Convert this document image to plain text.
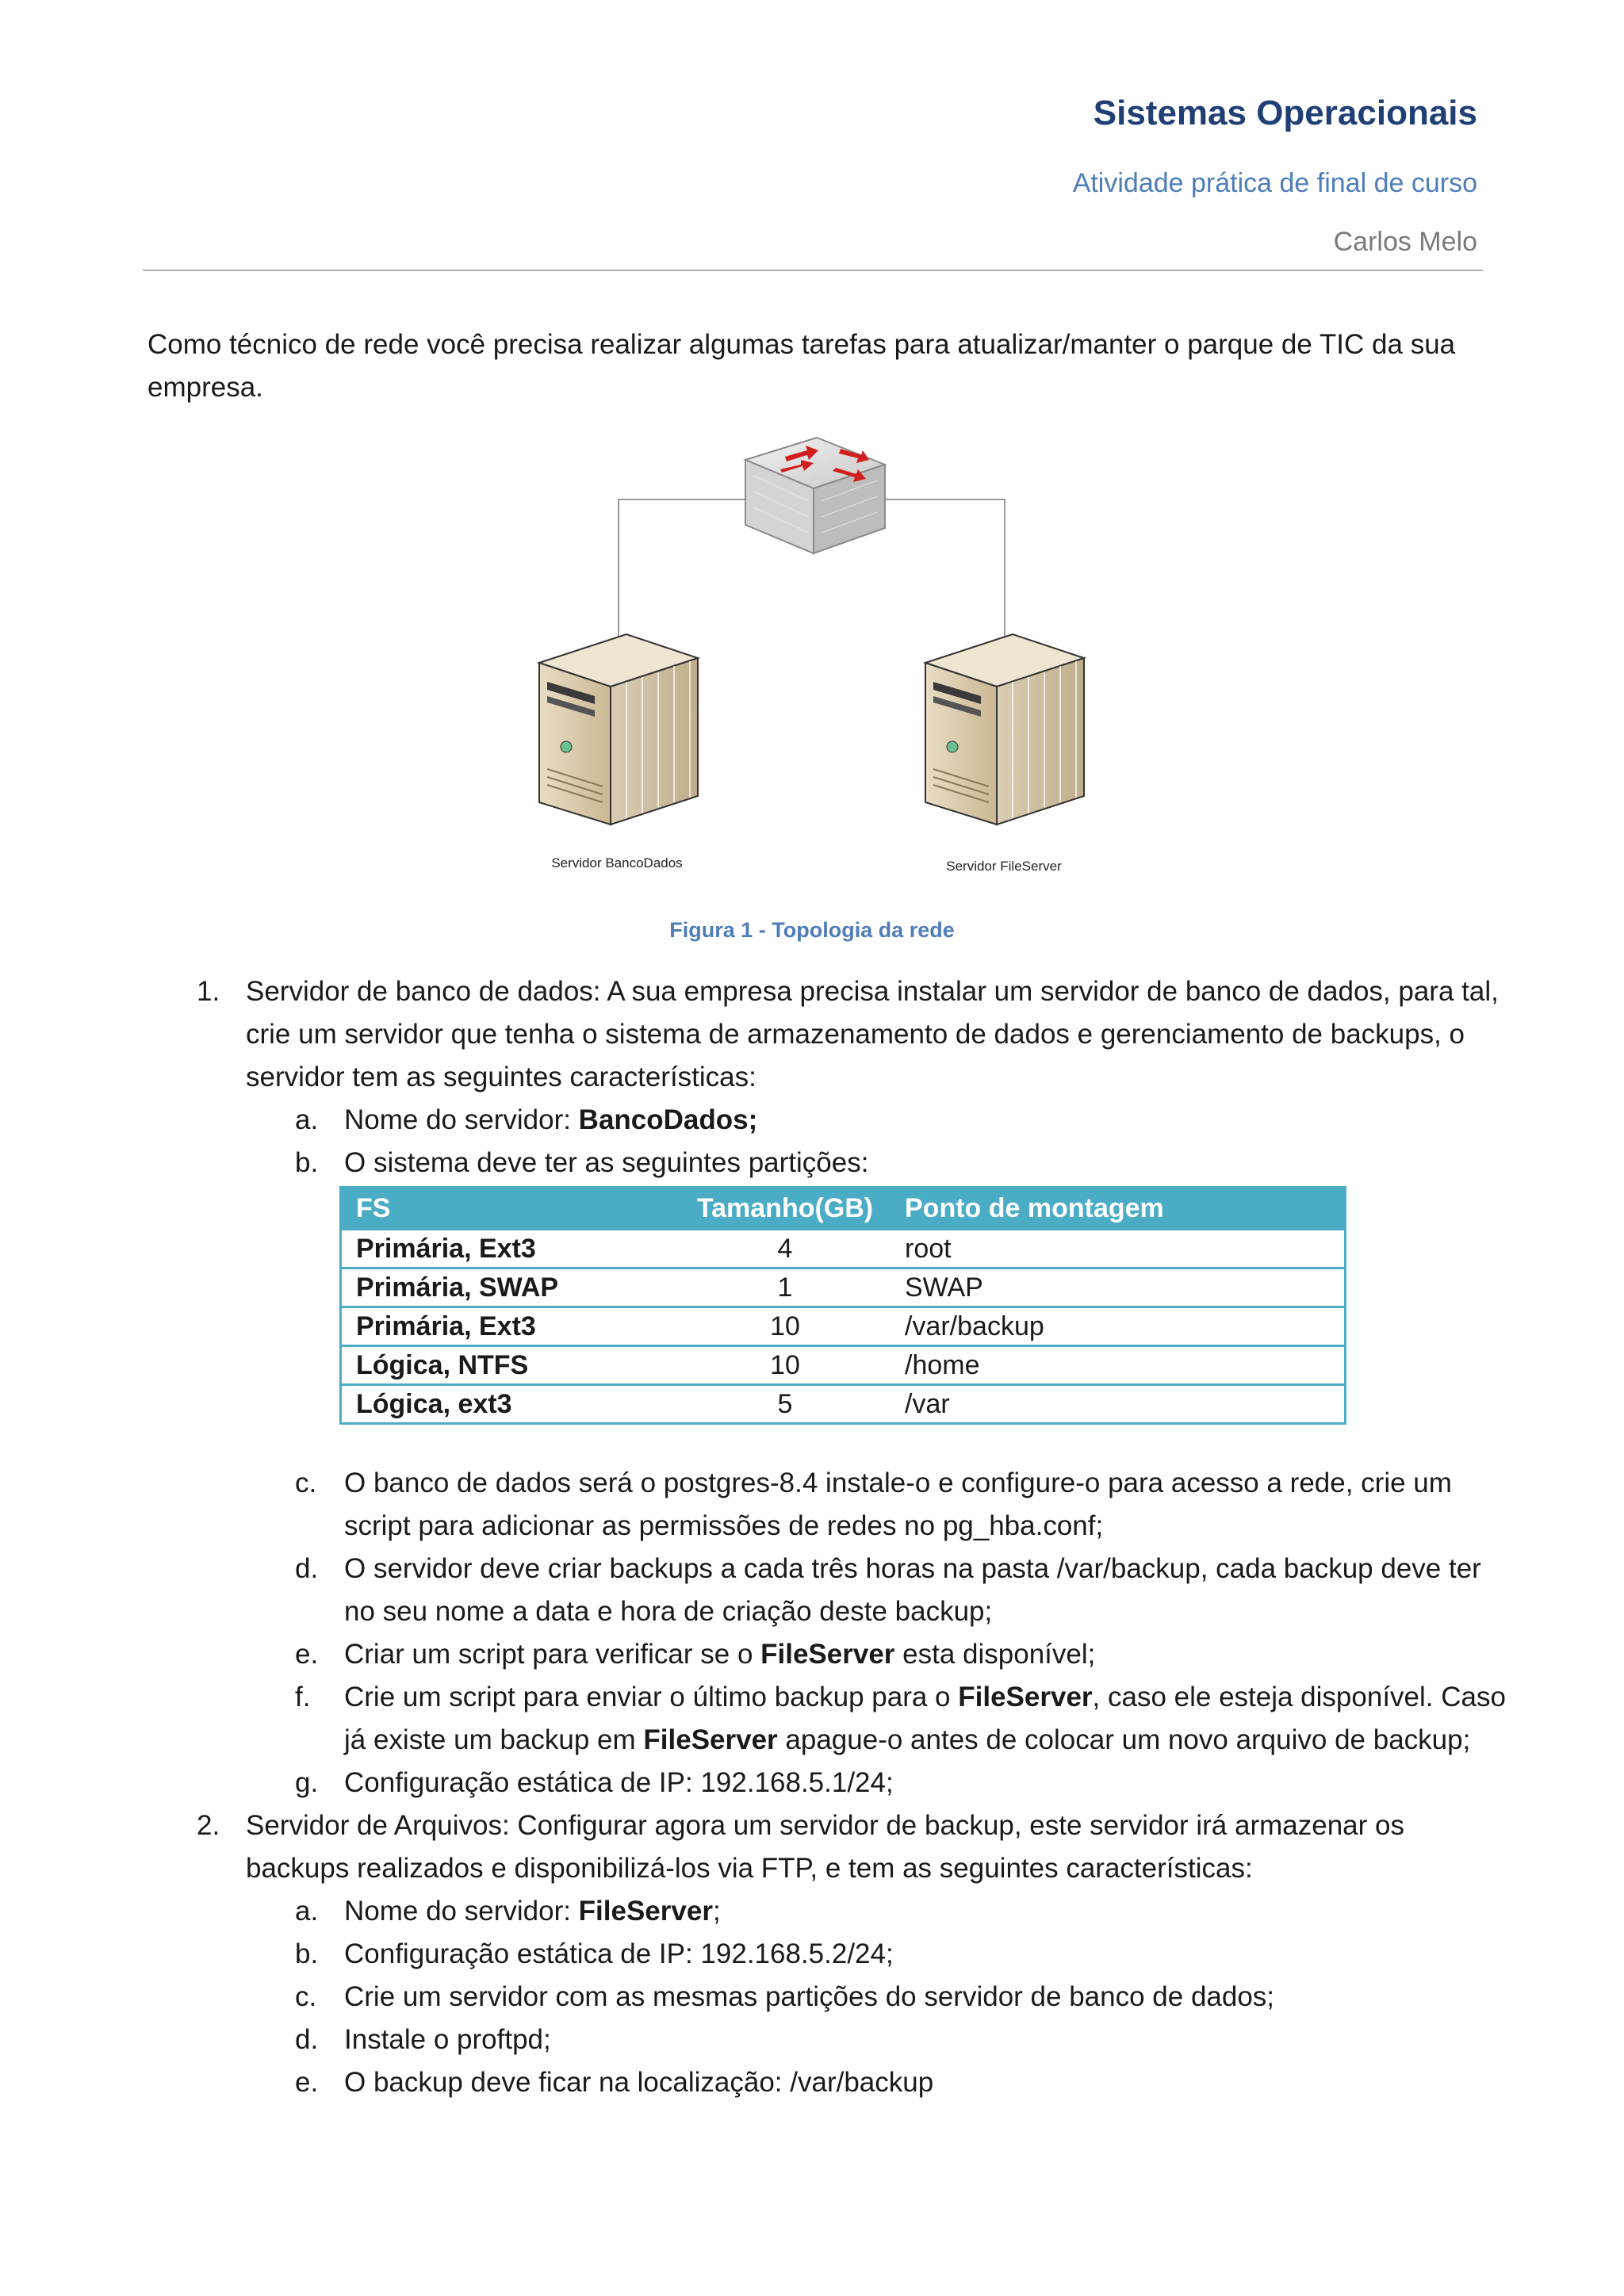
Sistemas Operacionais
Atividade prática de final de curso
Carlos Melo
Como técnico de rede você precisa realizar algumas tarefas para atualizar/manter o parque de TIC da sua empresa.
Servidor BancoDados	Servidor FileServer
Figura 1 - Topologia da rede
1. Servidor de banco de dados: A sua empresa precisa instalar um servidor de banco de dados, para tal,
crie um servidor que tenha o sistema de armazenamento de dados e gerenciamento de backups, o
servidor tem as seguintes características:
a. Nome do servidor: BancoDados;
b. O sistema deve ter as seguintes partições:
FS	Tamanho(GB)	Ponto de montagem
Primária, Ext3	4	root
Primária, SWAP	1	SWAP
Primária, Ext3	10	/var/backup
Lógica, NTFS	10	/home
Lógica, ext3	5	/var
c. O banco de dados será o postgres-8.4 instale-o e configure-o para acesso a rede, crie um
script para adicionar as permissões de redes no pg_hba.conf;
d. O servidor deve criar backups a cada três horas na pasta /var/backup, cada backup deve ter
no seu nome a data e hora de criação deste backup;
e. Criar um script para verificar se o FileServer esta disponível;
f. Crie um script para enviar o último backup para o FileServer, caso ele esteja disponível. Caso
já existe um backup em FileServer apague-o antes de colocar um novo arquivo de backup;
g. Configuração estática de IP: 192.168.5.1/24;
2. Servidor de Arquivos: Configurar agora um servidor de backup, este servidor irá armazenar os
backups realizados e disponibilizá-los via FTP, e tem as seguintes características:
a. Nome do servidor: FileServer;
b. Configuração estática de IP: 192.168.5.2/24;
c. Crie um servidor com as mesmas partições do servidor de banco de dados;
d. Instale o proftpd;
e. O backup deve ficar na localização: /var/backup
